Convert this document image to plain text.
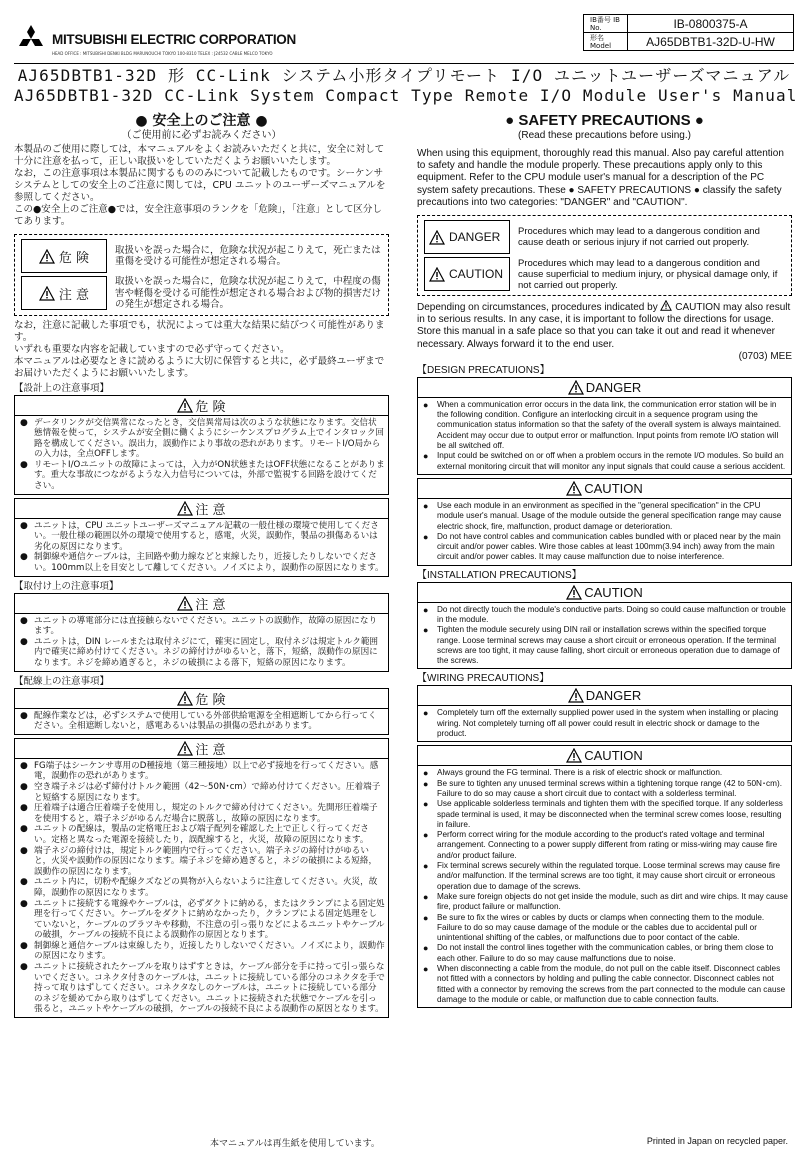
MITSUBISHI ELECTRIC CORPORATION
HEAD OFFICE : MITSUBISHI DENKI BLDG MARUNOUCHI TOKYO 100-8310 TELEX : J24532 CABLE MELCO TOKYO
IB番号 IB No.	IB-0800375-A
形名 Model	AJ65DBTB1-32D-U-HW
AJ65DBTB1-32D 形 CC-Link システム小形タイプリモート I/O ユニットユーザーズマニュアル
AJ65DBTB1-32D CC-Link System Compact Type Remote I/O Module User's Manual
● 安全上のご注意 ●
（ご使用前に必ずお読みください）

本製品のご使用に際しては，本マニュアルをよくお読みいただくと共に，安全に対して十分に注意を払って，正しい取扱いをしていただくようお願いいたします。

なお，この注意事項は本製品に関するもののみについて記載したものです。シーケンサシステムとしての安全上のご注意に関しては，CPU ユニットのユーザーズマニュアルを参照してください。

この●安全上のご注意●では，安全注意事項のランクを「危険」，「注意」として区分してあります。

危 険
取扱いを誤った場合に，危険な状況が起こりえて，死亡または重傷を受ける可能性が想定される場合。
注 意
取扱いを誤った場合に，危険な状況が起こりえて，中程度の傷害や軽傷を受ける可能性が想定される場合および物的損害だけの発生が想定される場合。

なお，注意に記載した事項でも，状況によっては重大な結果に結びつく可能性があります。

いずれも重要な内容を記載していますので必ず守ってください。

本マニュアルは必要なときに読めるように大切に保管すると共に，必ず最終ユーザまでお届けいただくようにお願いいたします。

【設計上の注意事項】
危 険
● データリンクが交信異常になったとき，交信異常局は次のような状態になります。交信状態情報を使って，システムが安全側に働くようにシーケンスプログラム上でインタロック回路を構成してください。誤出力，誤動作により事故の恐れがあります。リモートI/O局からの入力は，全点OFFします。
● リモートI/Oユニットの故障によっては，入力がON状態またはOFF状態になることがあります。重大な事故につながるような入力信号については，外部で監視する回路を設けてください。
注 意
● ユニットは，CPU ユニットユーザーズマニュアル記載の一般仕様の環境で使用してください。一般仕様の範囲以外の環境で使用すると，感電，火災，誤動作，製品の損傷あるいは劣化の原因になります。
● 制御線や通信ケーブルは，主回路や動力線などと束線したり，近接したりしないでください。100mm以上を目安として離してください。ノイズにより，誤動作の原因になります。
【取付け上の注意事項】
注 意
● ユニットの導電部分には直接触らないでください。ユニットの誤動作，故障の原因になります。
● ユニットは，DIN レールまたは取付ネジにて，確実に固定し，取付ネジは規定トルク範囲内で確実に締め付けてください。ネジの締付けがゆるいと，落下，短絡，誤動作の原因になります。ネジを締め過ぎると，ネジの破損による落下，短絡の原因になります。
【配線上の注意事項】
危 険
● 配線作業などは，必ずシステムで使用している外部供給電源を全相遮断してから行ってください。全相遮断しないと，感電あるいは製品の損傷の恐れがあります。
注 意
● FG端子はシーケンサ専用のD種接地（第三種接地）以上で必ず接地を行ってください。感電，誤動作の恐れがあります。
● 空き端子ネジは必ず締付けトルク範囲（42〜50N･cm）で締め付けてください。圧着端子と短絡する原因になります。
● 圧着端子は適合圧着端子を使用し，規定のトルクで締め付けてください。先開形圧着端子を使用すると，端子ネジがゆるんだ場合に脱落し，故障の原因になります。
● ユニットの配線は，製品の定格電圧および端子配列を確認した上で正しく行ってください。定格と異なった電源を接続したり，誤配線すると，火災，故障の原因になります。
● 端子ネジの締付けは，規定トルク範囲内で行ってください。端子ネジの締付けがゆるいと，火災や誤動作の原因になります。端子ネジを締め過ぎると，ネジの破損による短絡，誤動作の原因になります。
● ユニット内に，切粉や配線クズなどの異物が入らないように注意してください。火災，故障，誤動作の原因になります。
● ユニットに接続する電線やケーブルは，必ずダクトに納める，またはクランプによる固定処理を行ってください。ケーブルをダクトに納めなかったり，クランプによる固定処理をしていないと，ケーブルのブラツキや移動，不注意の引っ張りなどによるユニットやケーブルの破損，ケーブルの接続不良による誤動作の原因となります。
● 制御線と通信ケーブルは束線したり，近接したりしないでください。ノイズにより，誤動作の原因になります。
● ユニットに接続されたケーブルを取りはずすときは，ケーブル部分を手に持って引っ張らないでください。コネクタ付きのケーブルは，ユニットに接続している部分のコネクタを手で持って取りはずしてください。コネクタなしのケーブルは，ユニットに接続している部分のネジを緩めてから取りはずしてください。ユニットに接続された状態でケーブルを引っ張ると，ユニットやケーブルの破損，ケーブルの接続不良による誤動作の原因となります。
● SAFETY PRECAUTIONS ●
(Read these precautions before using.)
When using this equipment, thoroughly read this manual. Also pay careful attention to safety and handle the module properly. These precautions apply only to this equipment. Refer to the CPU module user's manual for a description of the PC system safety precautions. These ● SAFETY PRECAUTIONS ● classify the safety precautions into two categories: "DANGER" and "CAUTION".
DANGER Procedures which may lead to a dangerous condition and cause death or serious injury if not carried out properly.
CAUTION
Procedures which may lead to a dangerous condition and cause superficial to medium injury, or physical damage only, if not carried out properly.
Depending on circumstances, procedures indicated by CAUTION may also result in to serious results. In any case, it is important to follow the directions for usage. Store this manual in a safe place so that you can take it out and read it whenever necessary. Always forward it to the end user.
(0703) MEE
【DESIGN PRECATUIONS】
DANGER
● When a communication error occurs in the data link, the communication error station will be in the following condition. Configure an interlocking circuit in a sequence program using the communication status information so that the safety of the overall system is always maintained. Accident may occur due to output error or malfunction. Input points from remote I/O station will be all switched off.
● Input could be switched on or off when a problem occurs in the remote I/O modules. So build an external monitoring circuit that will monitor any input signals that could cause a serious accident.
CAUTION
● Use each module in an environment as specified in the "general specification" in the CPU module user's manual. Usage of the module outside the general specification range may cause electric shock, fire, malfunction, product damage or deterioration.
● Do not have control cables and communication cables bundled with or placed near by the main circuit and/or power cables. Wire those cables at least 100mm(3.94 inch) away from the main circuit and/or power cables. It may cause malfunction due to noise interference.
【INSTALLATION PRECAUTIONS】
CAUTION
● Do not directly touch the module's conductive parts. Doing so could cause malfunction or trouble in the module.
● Tighten the module securely using DIN rail or installation screws within the specified torque range. Loose terminal screws may cause a short circuit or erroneous operation. If the terminal screws are too tight, it may cause falling, short circuit or erroneous operation due to damage of the screws.
【WIRING PRECAUTIONS】
DANGER
● Completely turn off the externally supplied power used in the system when installing or placing wiring. Not completely turning off all power could result in electric shock or damage to the product.
CAUTION
● Always ground the FG terminal. There is a risk of electric shock or malfunction.
● Be sure to tighten any unused terminal screws within a tightening torque range (42 to 50N･cm). Failure to do so may cause a short circuit due to contact with a solderless terminal.
● Use applicable solderless terminals and tighten them with the specified torque. If any solderless spade terminal is used, it may be disconnected when the terminal screw comes loose, resulting in failure.
● Perform correct wiring for the module according to the product's rated voltage and terminal arrangement. Connecting to a power supply different from rating or miss-wiring may cause fire and/or product failure.
● Fix terminal screws securely within the regulated torque. Loose terminal screws may cause fire and/or malfunction. If the terminal screws are too tight, it may cause short circuit or erroneous operation due to damage of the screws.
● Make sure foreign objects do not get inside the module, such as dirt and wire chips. It may cause fire, product failure or malfunction.
● Be sure to fix the wires or cables by ducts or clamps when connecting them to the module. Failure to do so may cause damage of the module or the cables due to accidental pull or unintentional shifting of the cables, or malfunctions due to poor contact of the cable.
● Do not install the control lines together with the communication cables, or bring them close to each other. Failure to do so may cause malfunctions due to noise.
● When disconnecting a cable from the module, do not pull on the cable itself. Disconnect cables not fitted with a connectors by holding and pulling the cable connector. Disconnect cables not fitted with a connector by removing the screws from the part connected to the module can cause damage to the module or cable, or malfunction due to cable connection faults.
本マニュアルは再生紙を使用しています。	Printed in Japan on recycled paper.
